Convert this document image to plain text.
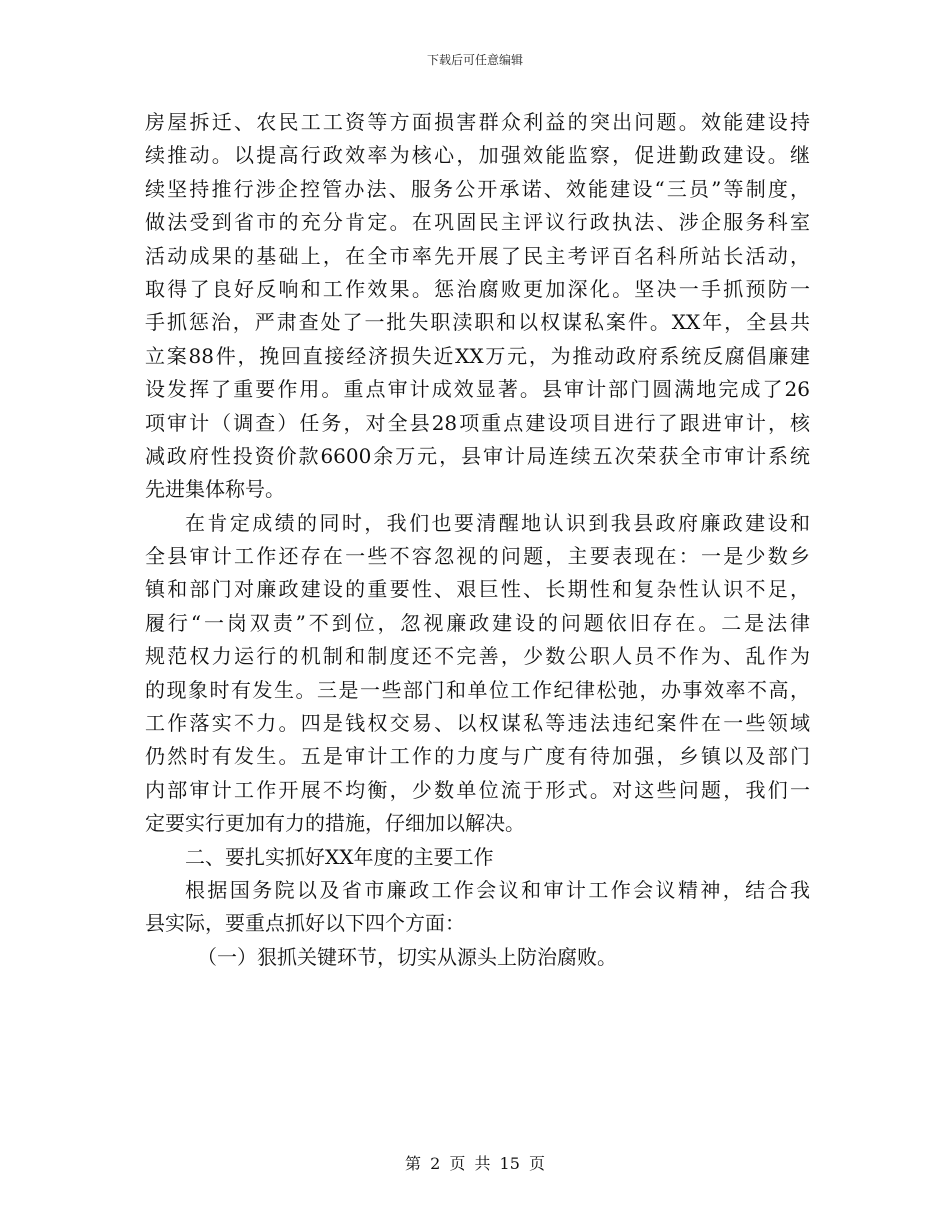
下载后可任意编辑
房屋拆迁、农民工工资等方面损害群众利益的突出问题。效能建设持
续推动。以提高行政效率为核心，加强效能监察，促进勤政建设。继
续坚持推行涉企控管办法、服务公开承诺、效能建设“三员”等制度，
做法受到省市的充分肯定。在巩固民主评议行政执法、涉企服务科室
活动成果的基础上，在全市率先开展了民主考评百名科所站长活动，
取得了良好反响和工作效果。惩治腐败更加深化。坚决一手抓预防一
手抓惩治，严肃查处了一批失职渎职和以权谋私案件。XX年，全县共
立案88件，挽回直接经济损失近XX万元，为推动政府系统反腐倡廉建
设发挥了重要作用。重点审计成效显著。县审计部门圆满地完成了26
项审计（调查）任务，对全县28项重点建设项目进行了跟进审计，核
减政府性投资价款6600余万元，县审计局连续五次荣获全市审计系统
先进集体称号。
在肯定成绩的同时，我们也要清醒地认识到我县政府廉政建设和
全县审计工作还存在一些不容忽视的问题，主要表现在：一是少数乡
镇和部门对廉政建设的重要性、艰巨性、长期性和复杂性认识不足，
履行“一岗双责”不到位，忽视廉政建设的问题依旧存在。二是法律
规范权力运行的机制和制度还不完善，少数公职人员不作为、乱作为
的现象时有发生。三是一些部门和单位工作纪律松弛，办事效率不高，
工作落实不力。四是钱权交易、以权谋私等违法违纪案件在一些领域
仍然时有发生。五是审计工作的力度与广度有待加强，乡镇以及部门
内部审计工作开展不均衡，少数单位流于形式。对这些问题，我们一
定要实行更加有力的措施，仔细加以解决。
二、要扎实抓好XX年度的主要工作
根据国务院以及省市廉政工作会议和审计工作会议精神，结合我
县实际，要重点抓好以下四个方面：
（一）狠抓关键环节，切实从源头上防治腐败。
第 2 页 共 15 页
